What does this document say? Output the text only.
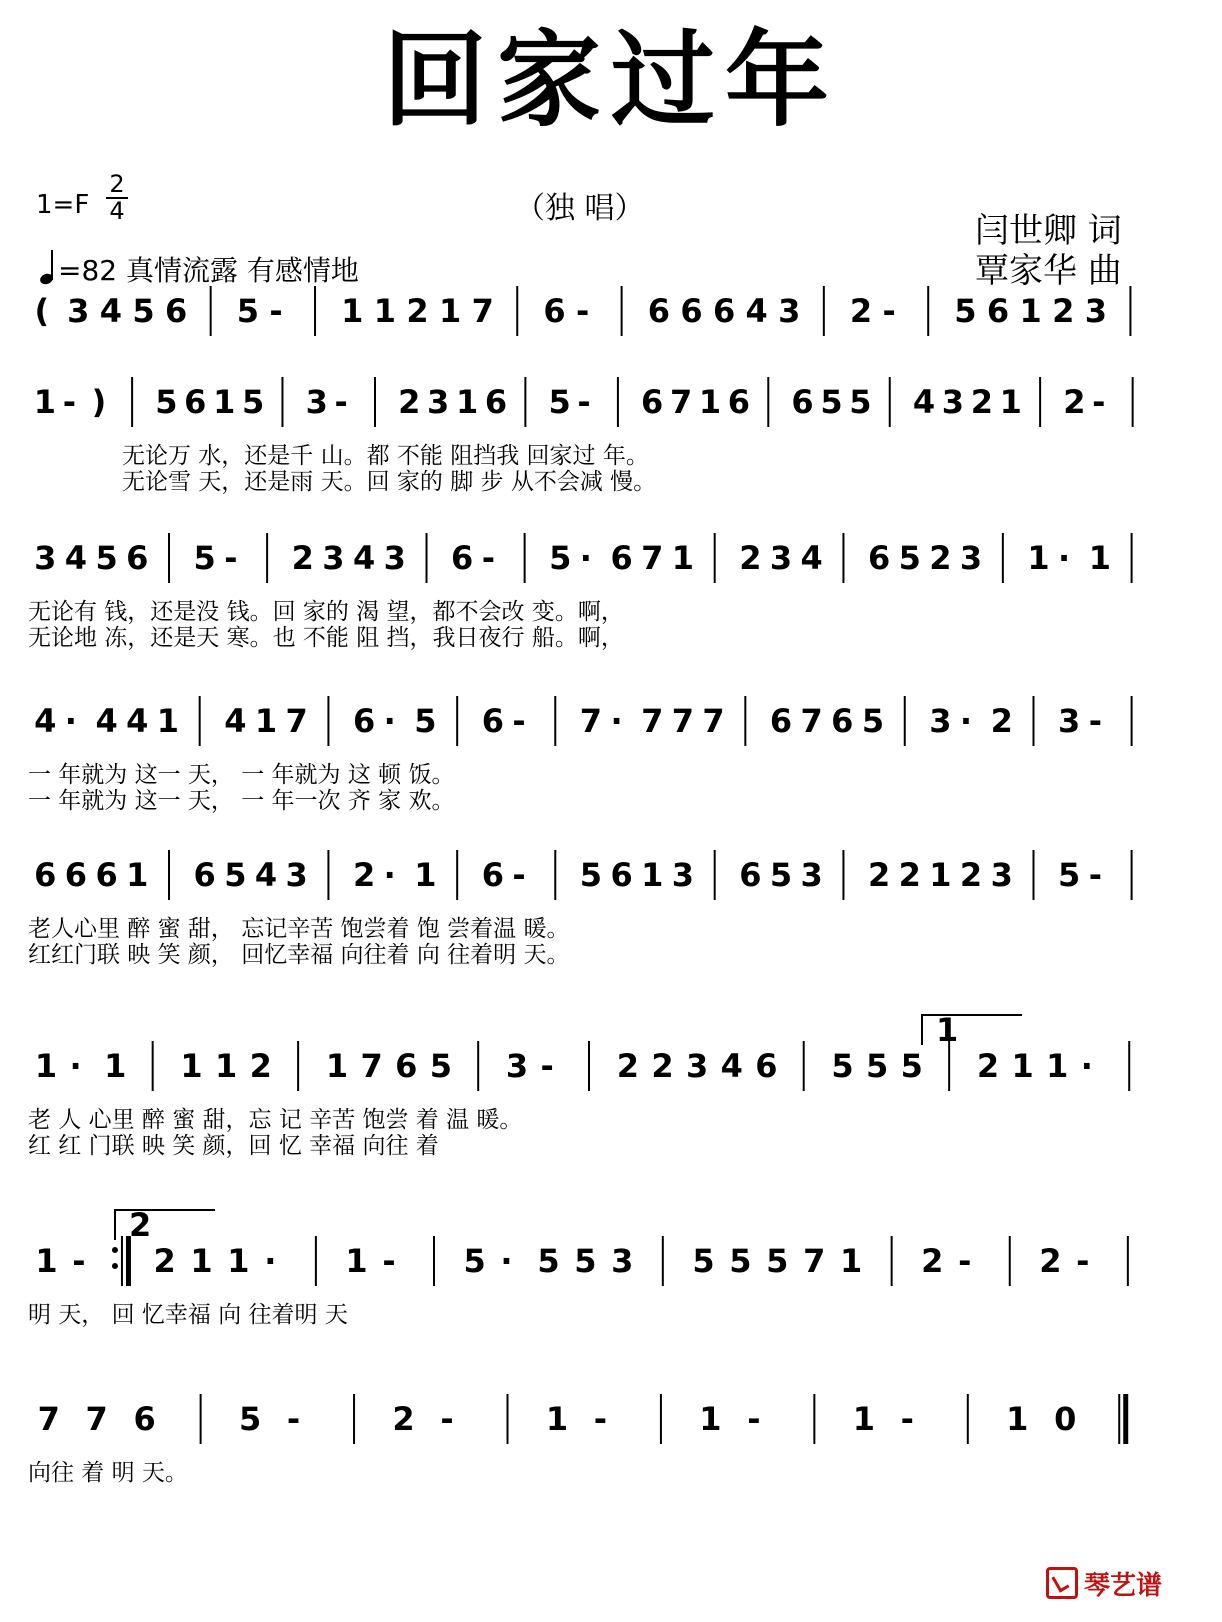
回家过年
（独 唱）
1=F
2
4
=82 真情流露 有感情地
闫世卿 词
覃家华 曲
( 3 4 5 6 5 - 1 1 2 1 7 6 - 6 6 6 4 3 2 - 5 6 1 2 3
1 - ) 5 6 1 5 3 - 2 3 1 6 5 - 6 7 1 6 6 5 5 4 3 2 1 2 -
无论万 水，还是千 山。都 不能 阻挡我 回家过 年。
无论雪 天，还是雨 天。回 家的 脚 步 从不会减 慢。
3 4 5 6 5 - 2 3 4 3 6 - 5 · 6 7 1 2 3 4 6 5 2 3 1 · 1
无论有 钱，还是没 钱。回 家的 渴 望，都不会改 变。啊，
无论地 冻，还是天 寒。也 不能 阻 挡，我日夜行 船。啊，
4 · 4 4 1 4 1 7 6 · 5 6 - 7 · 7 7 7 6 7 6 5 3 · 2 3 -
一 年就为 这一 天， 一 年就为 这 顿 饭。
一 年就为 这一 天， 一 年一次 齐 家 欢。
6 6 6 1 6 5 4 3 2 · 1 6 - 5 6 1 3 6 5 3 2 2 1 2 3 5 -
老人心里 醉 蜜 甜， 忘记辛苦 饱尝着 饱 尝着温 暖。
红红门联 映 笑 颜， 回忆幸福 向往着 向 往着明 天。
1 · 1 1 1 2 1 7 6 5 3 - 2 2 3 4 6 5 5 5 2 1 1 ·
1
老 人 心里 醉 蜜 甜，忘 记 辛苦 饱尝 着 温 暖。
红 红 门联 映 笑 颜，回 忆 幸福 向往 着
1 - 2 1 1 · 1 - 5 · 5 5 3 5 5 5 7 1 2 - 2 -
2
明 天， 回 忆幸福 向 往着明 天
7 7 6	5 -	2 -	1 -	1 -	1 -	1 0
向往 着 明 天。
琴艺谱
